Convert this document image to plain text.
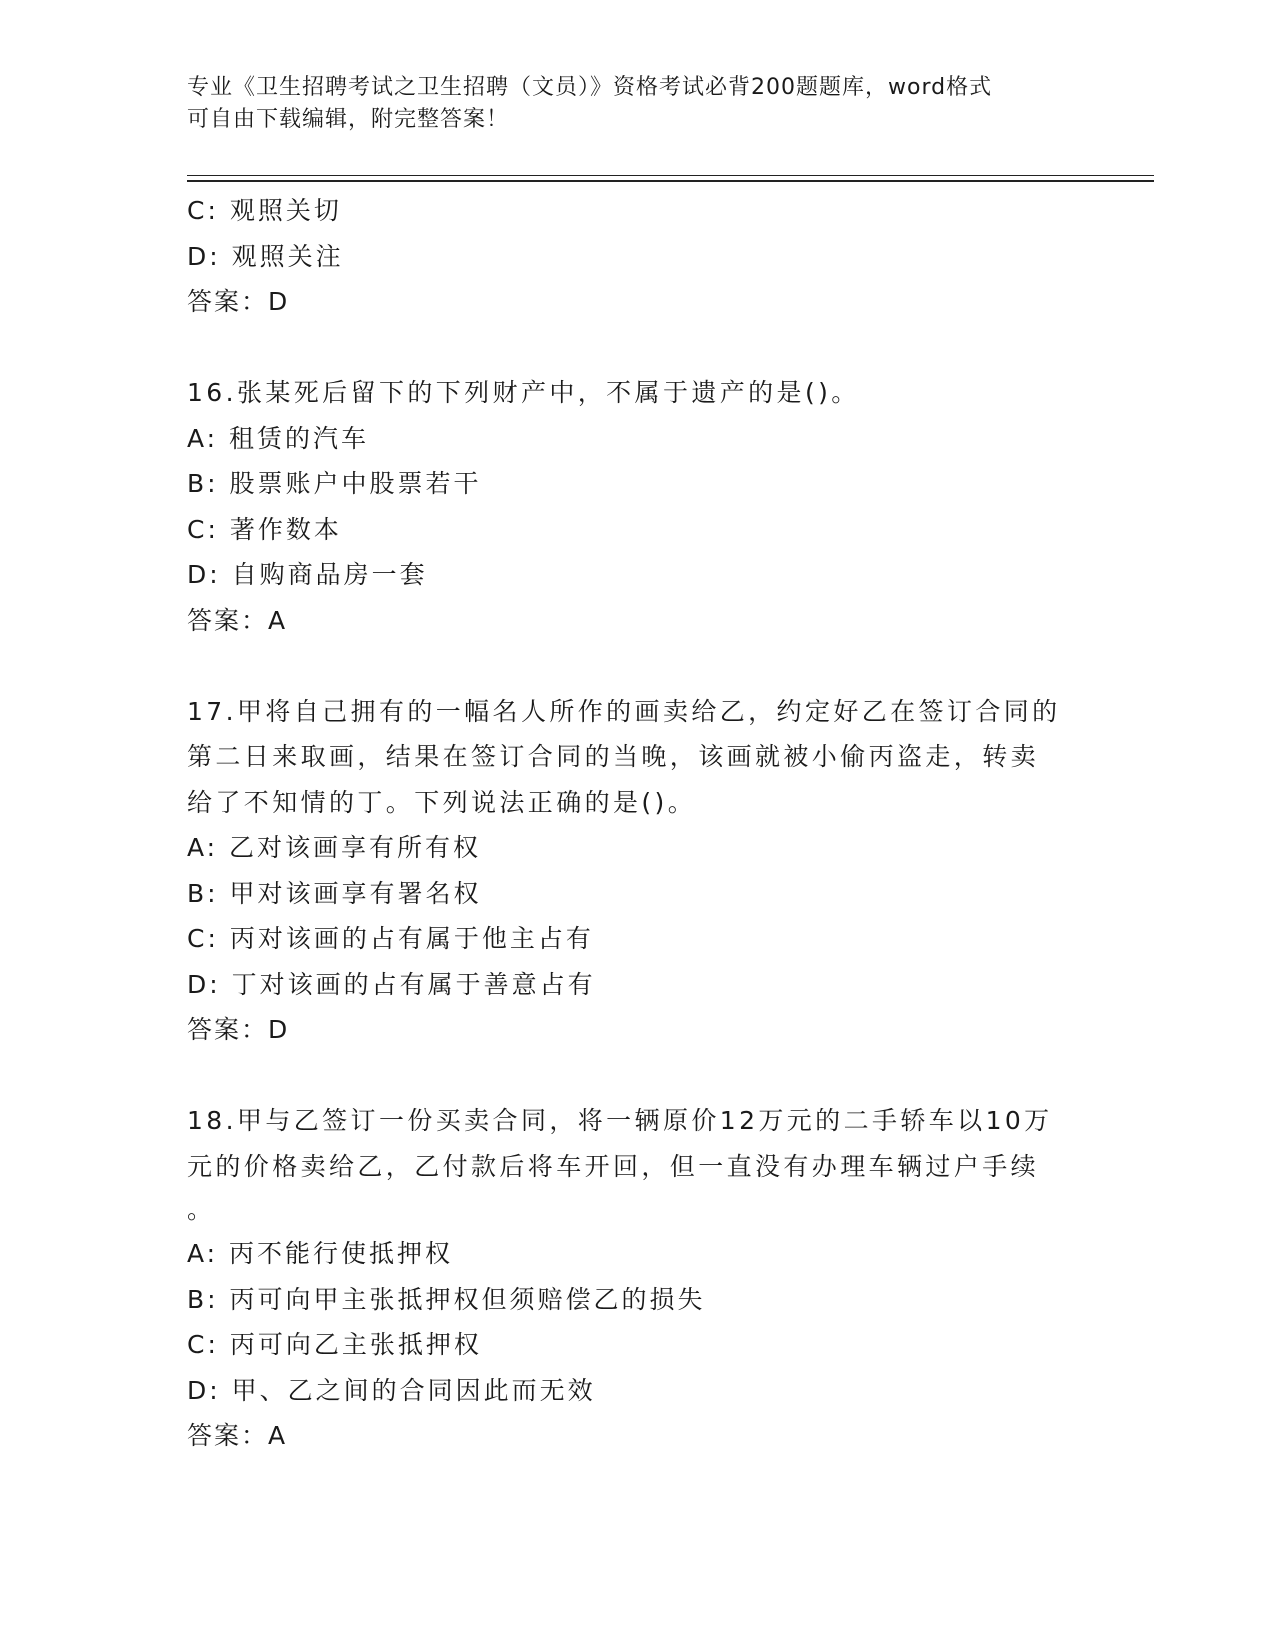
专业《卫生招聘考试之卫生招聘（文员）》资格考试必背200题题库，word格式
可自由下载编辑，附完整答案！
C: 观照关切
D: 观照关注
答案：D
16.张某死后留下的下列财产中，不属于遗产的是()。
A: 租赁的汽车
B: 股票账户中股票若干
C: 著作数本
D: 自购商品房一套
答案：A
17.甲将自己拥有的一幅名人所作的画卖给乙，约定好乙在签订合同的
第二日来取画，结果在签订合同的当晚，该画就被小偷丙盗走，转卖
给了不知情的丁。下列说法正确的是()。
A: 乙对该画享有所有权
B: 甲对该画享有署名权
C: 丙对该画的占有属于他主占有
D: 丁对该画的占有属于善意占有
答案：D
18.甲与乙签订一份买卖合同，将一辆原价12万元的二手轿车以10万
元的价格卖给乙，乙付款后将车开回，但一直没有办理车辆过户手续
。
A: 丙不能行使抵押权
B: 丙可向甲主张抵押权但须赔偿乙的损失
C: 丙可向乙主张抵押权
D: 甲、乙之间的合同因此而无效
答案：A
